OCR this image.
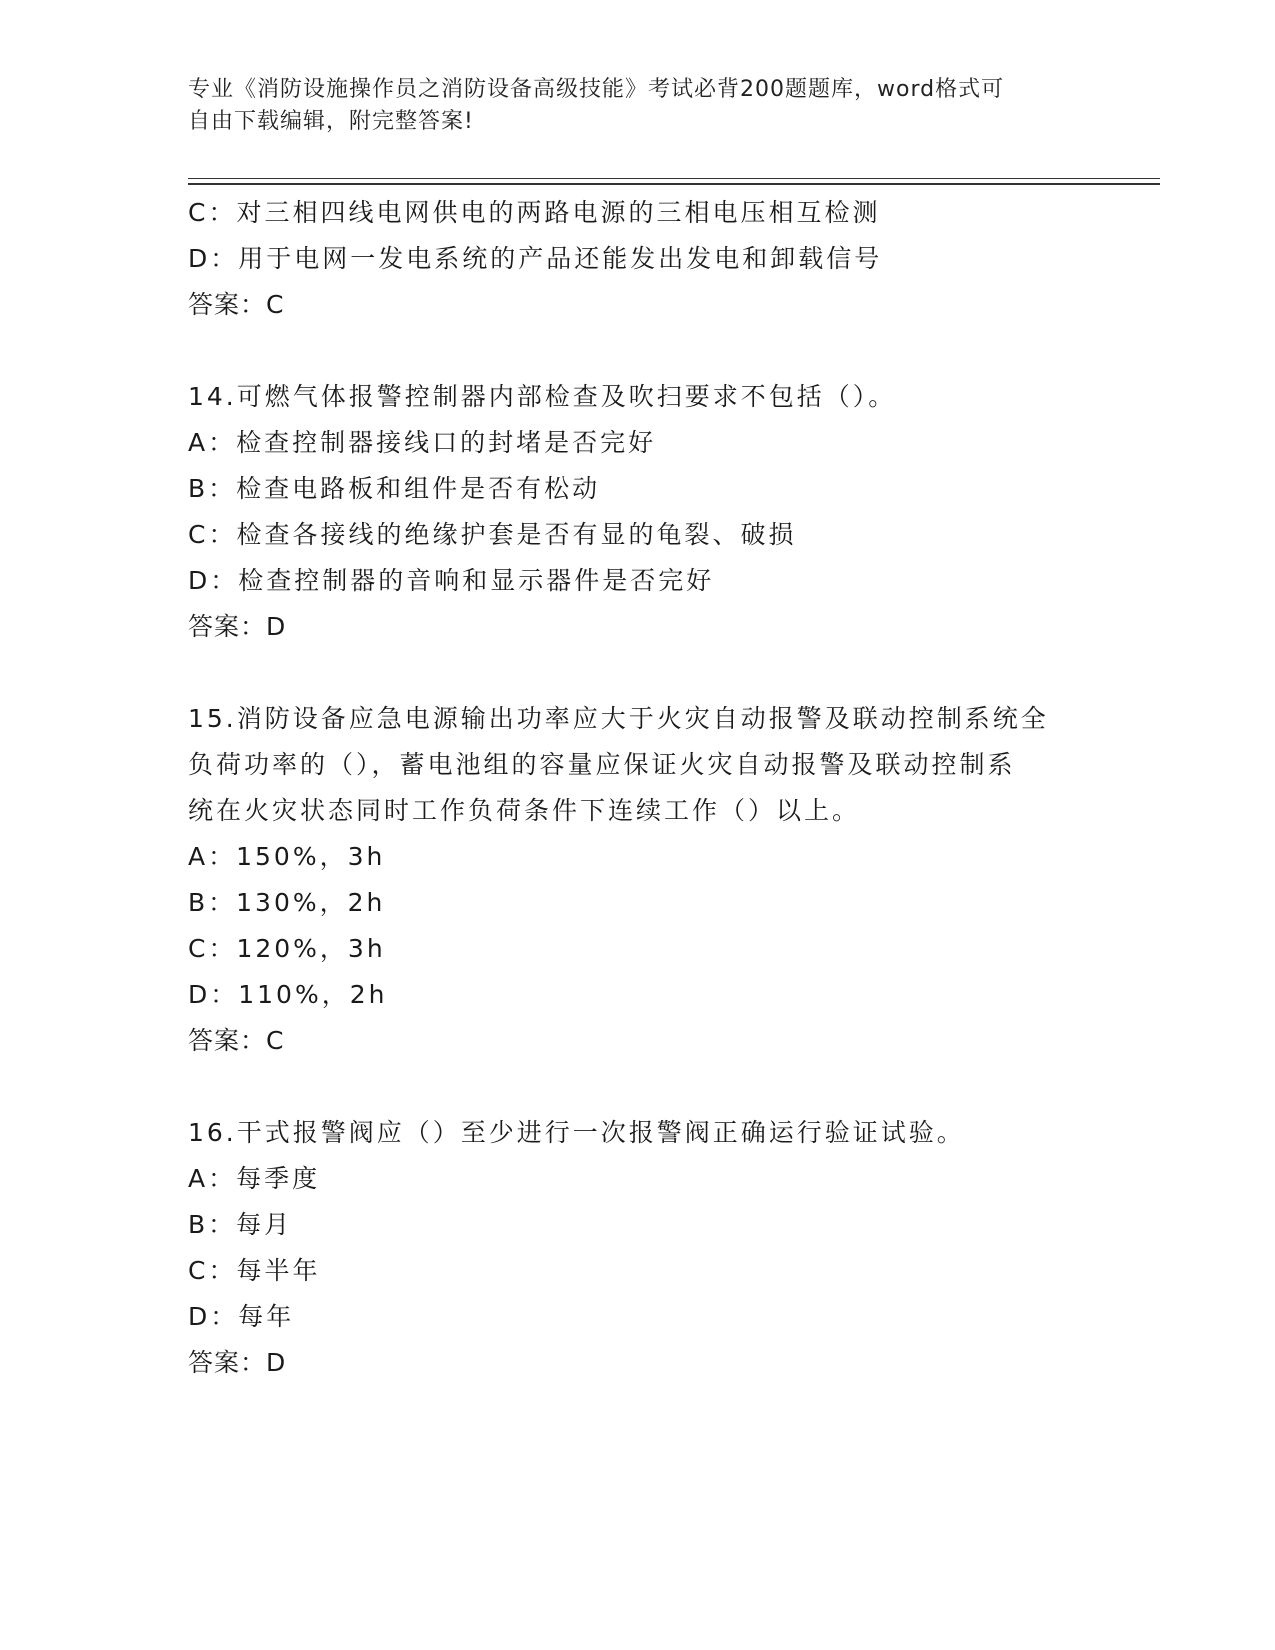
专业《消防设施操作员之消防设备高级技能》考试必背200题题库，word格式可
自由下载编辑，附完整答案!
C：对三相四线电网供电的两路电源的三相电压相互检测
D：用于电网一发电系统的产品还能发出发电和卸载信号
答案：C
14.可燃气体报警控制器内部检查及吹扫要求不包括（）。
A：检查控制器接线口的封堵是否完好
B：检查电路板和组件是否有松动
C：检查各接线的绝缘护套是否有显的龟裂、破损
D：检查控制器的音响和显示器件是否完好
答案：D
15.消防设备应急电源输出功率应大于火灾自动报警及联动控制系统全
负荷功率的（），蓄电池组的容量应保证火灾自动报警及联动控制系
统在火灾状态同时工作负荷条件下连续工作（）以上。
A：150%，3h
B：130%，2h
C：120%，3h
D：110%，2h
答案：C
16.干式报警阀应（）至少进行一次报警阀正确运行验证试验。
A：每季度
B：每月
C：每半年
D：每年
答案：D
